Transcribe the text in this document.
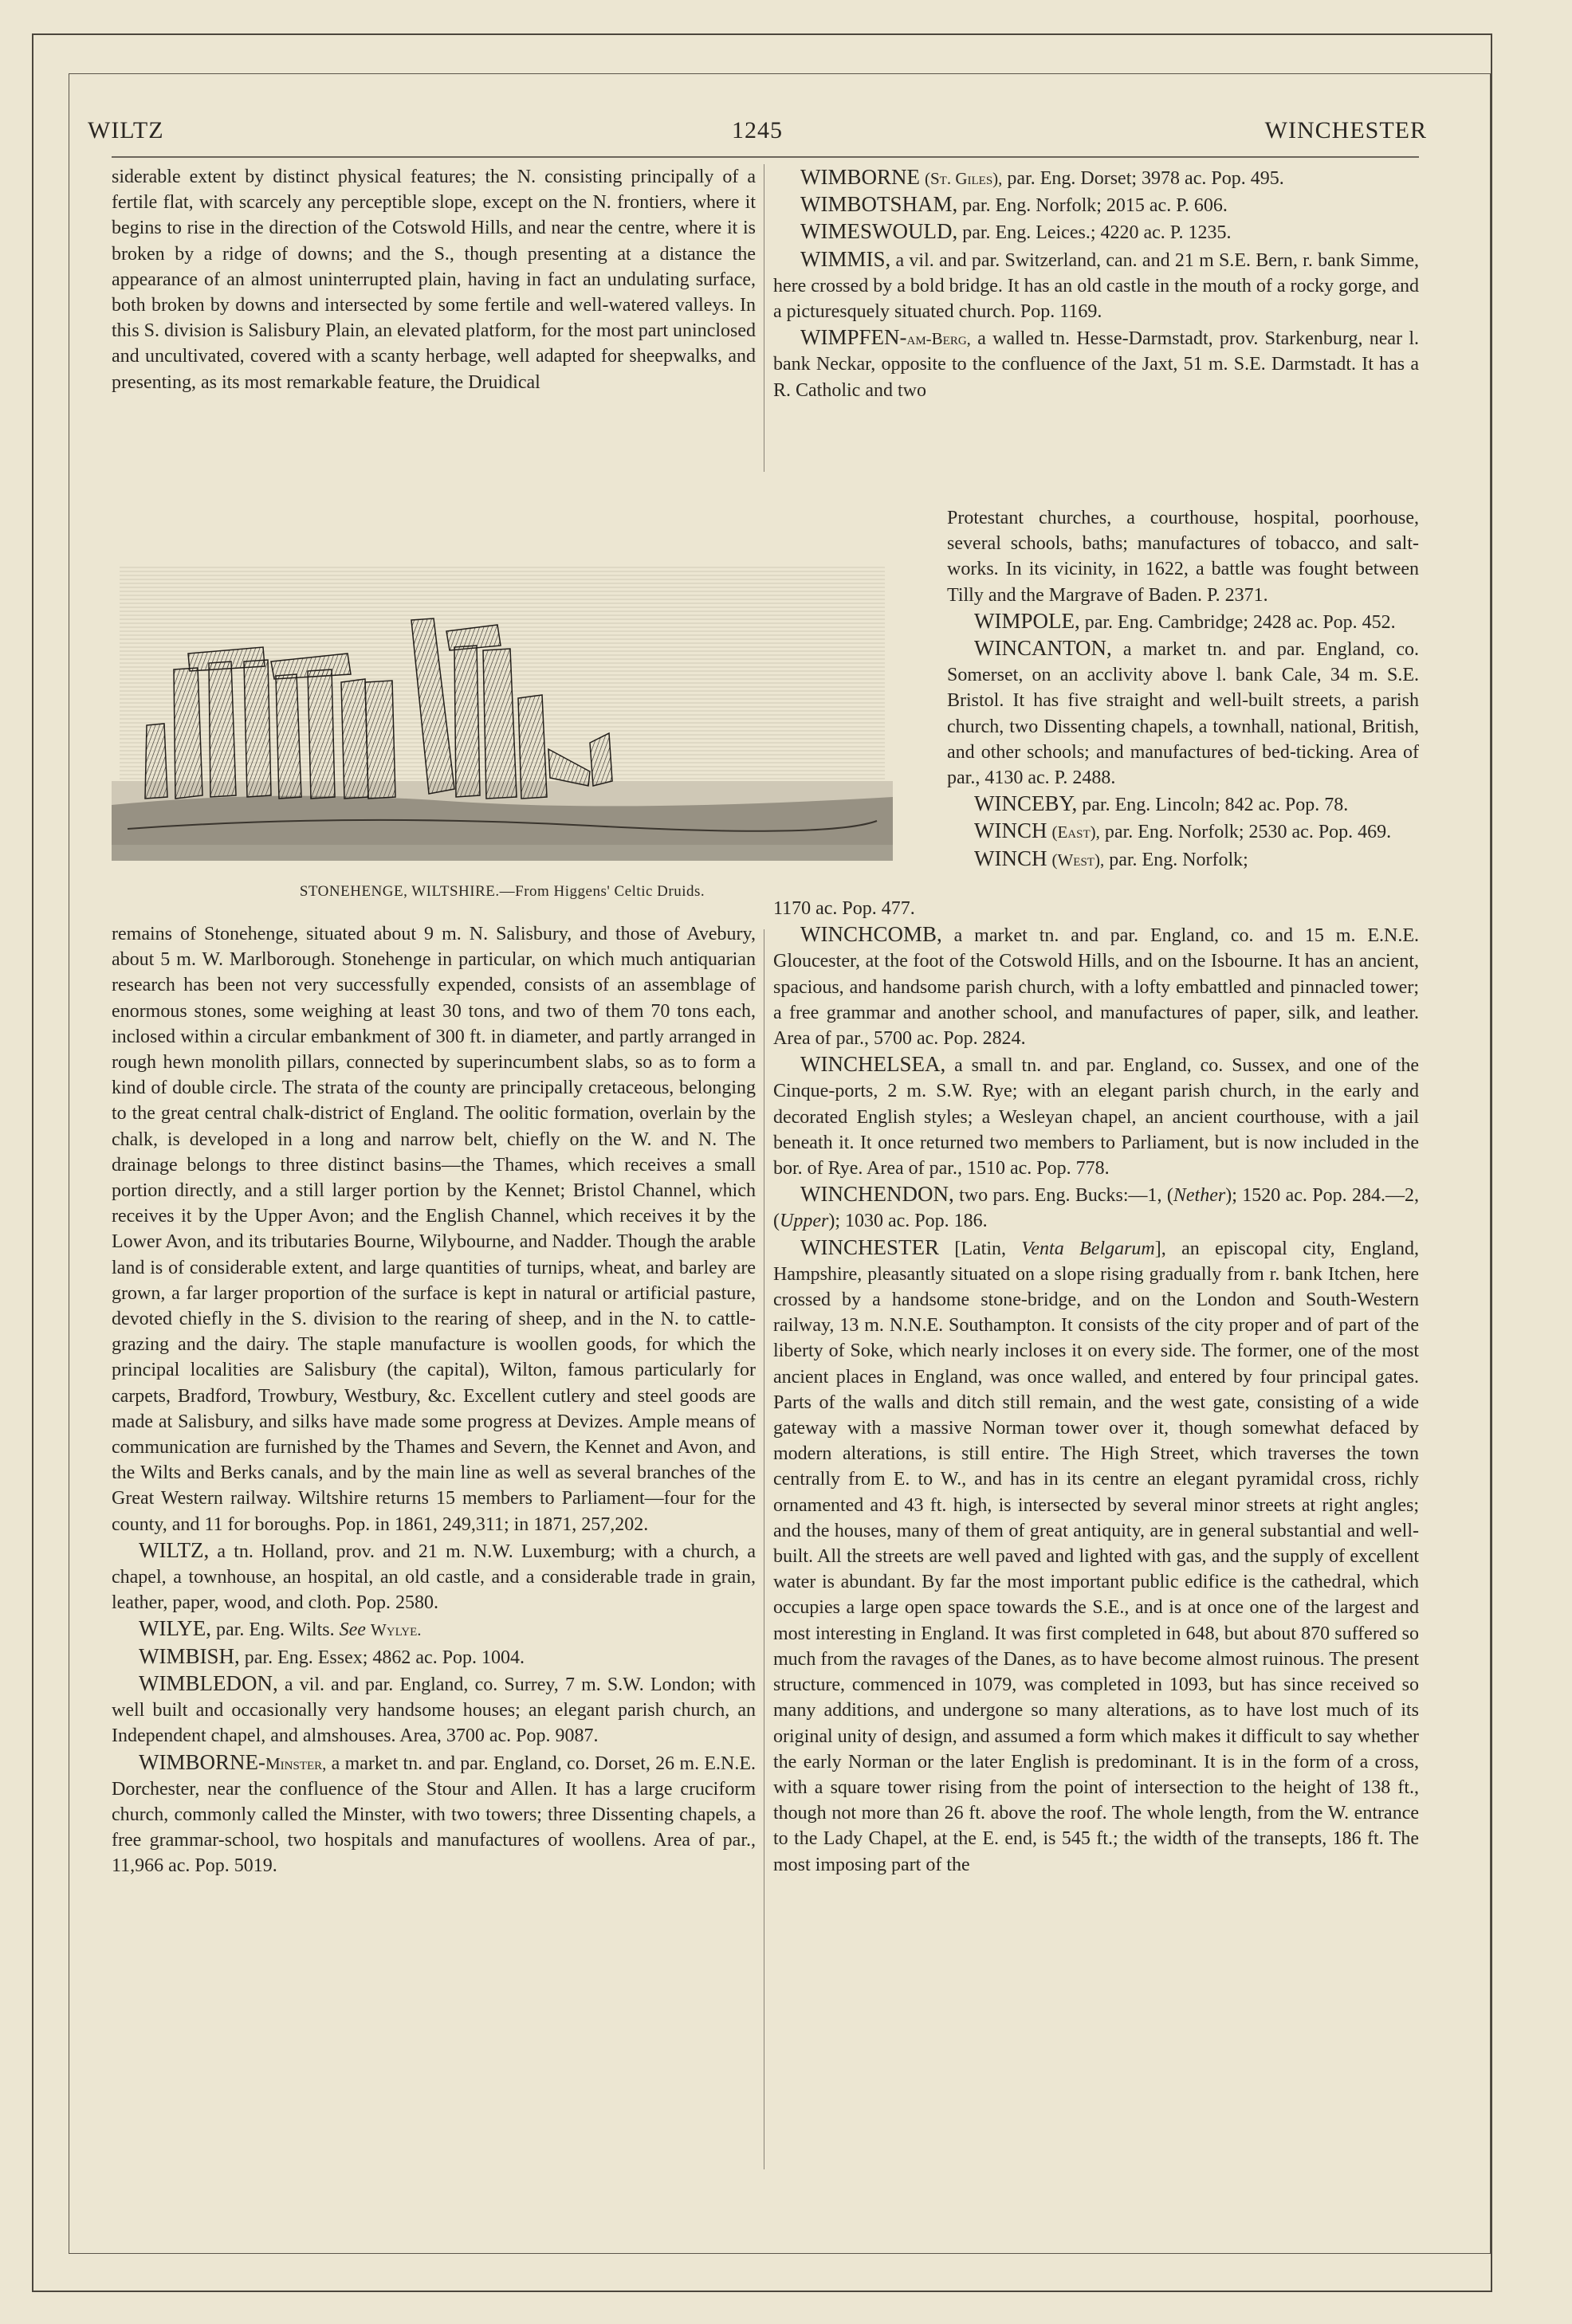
WILTZ	1245	WINCHESTER

siderable extent by distinct physical features; the N. consisting principally of a fertile flat, with scarcely any perceptible slope, except on the N. frontiers, where it begins to rise in the direction of the Cotswold Hills, and near the centre, where it is broken by a ridge of downs; and the S., though presenting at a distance the appearance of an almost uninterrupted plain, having in fact an undulating surface, both broken by downs and intersected by some fertile and well-watered valleys. In this S. division is Salisbury Plain, an elevated platform, for the most part uninclosed and uncultivated, covered with a scanty herbage, well adapted for sheepwalks, and presenting, as its most remarkable feature, the Druidical

STONEHENGE, WILTSHIRE.—From Higgens' Celtic Druids.

remains of Stonehenge, situated about 9 m. N. Salisbury, and those of Avebury, about 5 m. W. Marlborough. Stonehenge in particular, on which much antiquarian research has been not very successfully expended, consists of an assemblage of enormous stones, some weighing at least 30 tons, and two of them 70 tons each, inclosed within a circular embankment of 300 ft. in diameter, and partly arranged in rough hewn monolith pillars, connected by superincumbent slabs, so as to form a kind of double circle. The strata of the county are principally cretaceous, belonging to the great central chalk-district of England. The oolitic formation, overlain by the chalk, is developed in a long and narrow belt, chiefly on the W. and N. The drainage belongs to three distinct basins—the Thames, which receives a small portion directly, and a still larger portion by the Kennet; Bristol Channel, which receives it by the Upper Avon; and the English Channel, which receives it by the Lower Avon, and its tributaries Bourne, Wilybourne, and Nadder. Though the arable land is of considerable extent, and large quantities of turnips, wheat, and barley are grown, a far larger proportion of the surface is kept in natural or artificial pasture, devoted chiefly in the S. division to the rearing of sheep, and in the N. to cattle-grazing and the dairy. The staple manufacture is woollen goods, for which the principal localities are Salisbury (the capital), Wilton, famous particularly for carpets, Bradford, Trowbury, Westbury, &c. Excellent cutlery and steel goods are made at Salisbury, and silks have made some progress at Devizes. Ample means of communication are furnished by the Thames and Severn, the Kennet and Avon, and the Wilts and Berks canals, and by the main line as well as several branches of the Great Western railway. Wiltshire returns 15 members to Parliament—four for the county, and 11 for boroughs. Pop. in 1861, 249,311; in 1871, 257,202.

WILTZ, a tn. Holland, prov. and 21 m. N.W. Luxemburg; with a church, a chapel, a townhouse, an hospital, an old castle, and a considerable trade in grain, leather, paper, wood, and cloth. Pop. 2580.

WILYE, par. Eng. Wilts. See Wylye.

WIMBISH, par. Eng. Essex; 4862 ac. Pop. 1004.

WIMBLEDON, a vil. and par. England, co. Surrey, 7 m. S.W. London; with well built and occasionally very handsome houses; an elegant parish church, an Independent chapel, and almshouses. Area, 3700 ac. Pop. 9087.

WIMBORNE-Minster, a market tn. and par. England, co. Dorset, 26 m. E.N.E. Dorchester, near the confluence of the Stour and Allen. It has a large cruciform church, commonly called the Minster, with two towers; three Dissenting chapels, a free grammar-school, two hospitals and manufactures of woollens. Area of par., 11,966 ac. Pop. 5019.

WIMBORNE (St. Giles), par. Eng. Dorset; 3978 ac. Pop. 495.

WIMBOTSHAM, par. Eng. Norfolk; 2015 ac. P. 606.

WIMESWOULD, par. Eng. Leices.; 4220 ac. P. 1235.

WIMMIS, a vil. and par. Switzerland, can. and 21 m S.E. Bern, r. bank Simme, here crossed by a bold bridge. It has an old castle in the mouth of a rocky gorge, and a picturesquely situated church. Pop. 1169.

WIMPFEN-am-Berg, a walled tn. Hesse-Darmstadt, prov. Starkenburg, near l. bank Neckar, opposite to the confluence of the Jaxt, 51 m. S.E. Darmstadt. It has a R. Catholic and two

Protestant churches, a courthouse, hospital, poorhouse, several schools, baths; manufactures of tobacco, and salt-works. In its vicinity, in 1622, a battle was fought between Tilly and the Margrave of Baden. P. 2371.

WIMPOLE, par. Eng. Cambridge; 2428 ac. Pop. 452.

WINCANTON, a market tn. and par. England, co. Somerset, on an acclivity above l. bank Cale, 34 m. S.E. Bristol. It has five straight and well-built streets, a parish church, two Dissenting chapels, a townhall, national, British, and other schools; and manufactures of bed-ticking. Area of par., 4130 ac. P. 2488.

WINCEBY, par. Eng. Lincoln; 842 ac. Pop. 78.

WINCH (East), par. Eng. Norfolk; 2530 ac. Pop. 469.

WINCH (West), par. Eng. Norfolk;

1170 ac. Pop. 477.

WINCHCOMB, a market tn. and par. England, co. and 15 m. E.N.E. Gloucester, at the foot of the Cotswold Hills, and on the Isbourne. It has an ancient, spacious, and handsome parish church, with a lofty embattled and pinnacled tower; a free grammar and another school, and manufactures of paper, silk, and leather. Area of par., 5700 ac. Pop. 2824.

WINCHELSEA, a small tn. and par. England, co. Sussex, and one of the Cinque-ports, 2 m. S.W. Rye; with an elegant parish church, in the early and decorated English styles; a Wesleyan chapel, an ancient courthouse, with a jail beneath it. It once returned two members to Parliament, but is now included in the bor. of Rye. Area of par., 1510 ac. Pop. 778.

WINCHENDON, two pars. Eng. Bucks:—1, (Nether); 1520 ac. Pop. 284.—2, (Upper); 1030 ac. Pop. 186.

WINCHESTER [Latin, Venta Belgarum], an episcopal city, England, Hampshire, pleasantly situated on a slope rising gradually from r. bank Itchen, here crossed by a handsome stone-bridge, and on the London and South-Western railway, 13 m. N.N.E. Southampton. It consists of the city proper and of part of the liberty of Soke, which nearly incloses it on every side. The former, one of the most ancient places in England, was once walled, and entered by four principal gates. Parts of the walls and ditch still remain, and the west gate, consisting of a wide gateway with a massive Norman tower over it, though somewhat defaced by modern alterations, is still entire. The High Street, which traverses the town centrally from E. to W., and has in its centre an elegant pyramidal cross, richly ornamented and 43 ft. high, is intersected by several minor streets at right angles; and the houses, many of them of great antiquity, are in general substantial and well-built. All the streets are well paved and lighted with gas, and the supply of excellent water is abundant. By far the most important public edifice is the cathedral, which occupies a large open space towards the S.E., and is at once one of the largest and most interesting in England. It was first completed in 648, but about 870 suffered so much from the ravages of the Danes, as to have become almost ruinous. The present structure, commenced in 1079, was completed in 1093, but has since received so many additions, and undergone so many alterations, as to have lost much of its original unity of design, and assumed a form which makes it difficult to say whether the early Norman or the later English is predominant. It is in the form of a cross, with a square tower rising from the point of intersection to the height of 138 ft., though not more than 26 ft. above the roof. The whole length, from the W. entrance to the Lady Chapel, at the E. end, is 545 ft.; the width of the transepts, 186 ft. The most imposing part of the
